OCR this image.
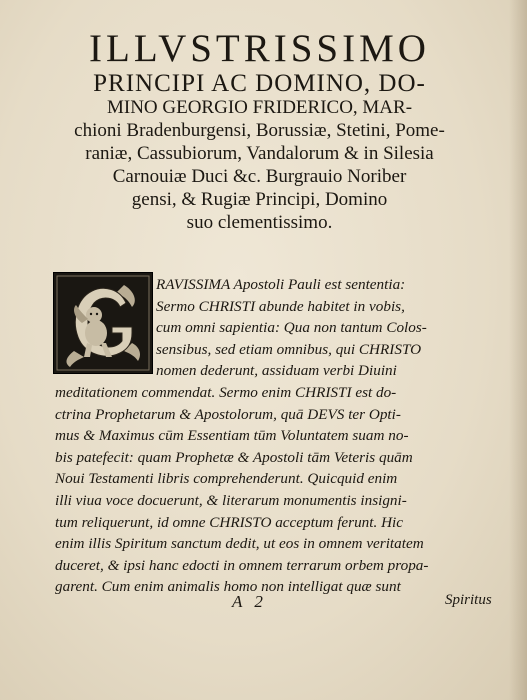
ILLVSTRISSIMO
PRINCIPI AC DOMINO, DO-
MINO GEORGIO FRIDERICO, MAR-
chioni Bradenburgensi, Borussiæ, Stetini, Pome-
raniæ, Cassubiorum, Vandalorum & in Silesia
Carnouiæ Duci &c. Burgrauio Noriber
gensi, & Rugiæ Principi, Domino
suo clementissimo.
RAVISSIMA Apostoli Pauli est sententia:
Sermo CHRISTI abunde habitet in vobis,
cum omni sapientia: Qua non tantum Colos-
sensibus, sed etiam omnibus, qui CHRISTO
nomen dederunt, assiduam verbi Diuini
meditationem commendat. Sermo enim CHRISTI est do-
ctrina Prophetarum & Apostolorum, quā DEVS ter Opti-
mus & Maximus cūm Essentiam tūm Voluntatem suam no-
bis patefecit: quam Prophetæ & Apostoli tām Veteris quām
Noui Testamenti libris comprehenderunt. Quicquid enim
illi viua voce docuerunt, & literarum monumentis insigni-
tum reliquerunt, id omne CHRISTO acceptum ferunt. Hic
enim illis Spiritum sanctum dedit, ut eos in omnem veritatem
duceret, & ipsi hanc edocti in omnem terrarum orbem propa-
garent. Cum enim animalis homo non intelligat quæ sunt
A 2	Spiritus
